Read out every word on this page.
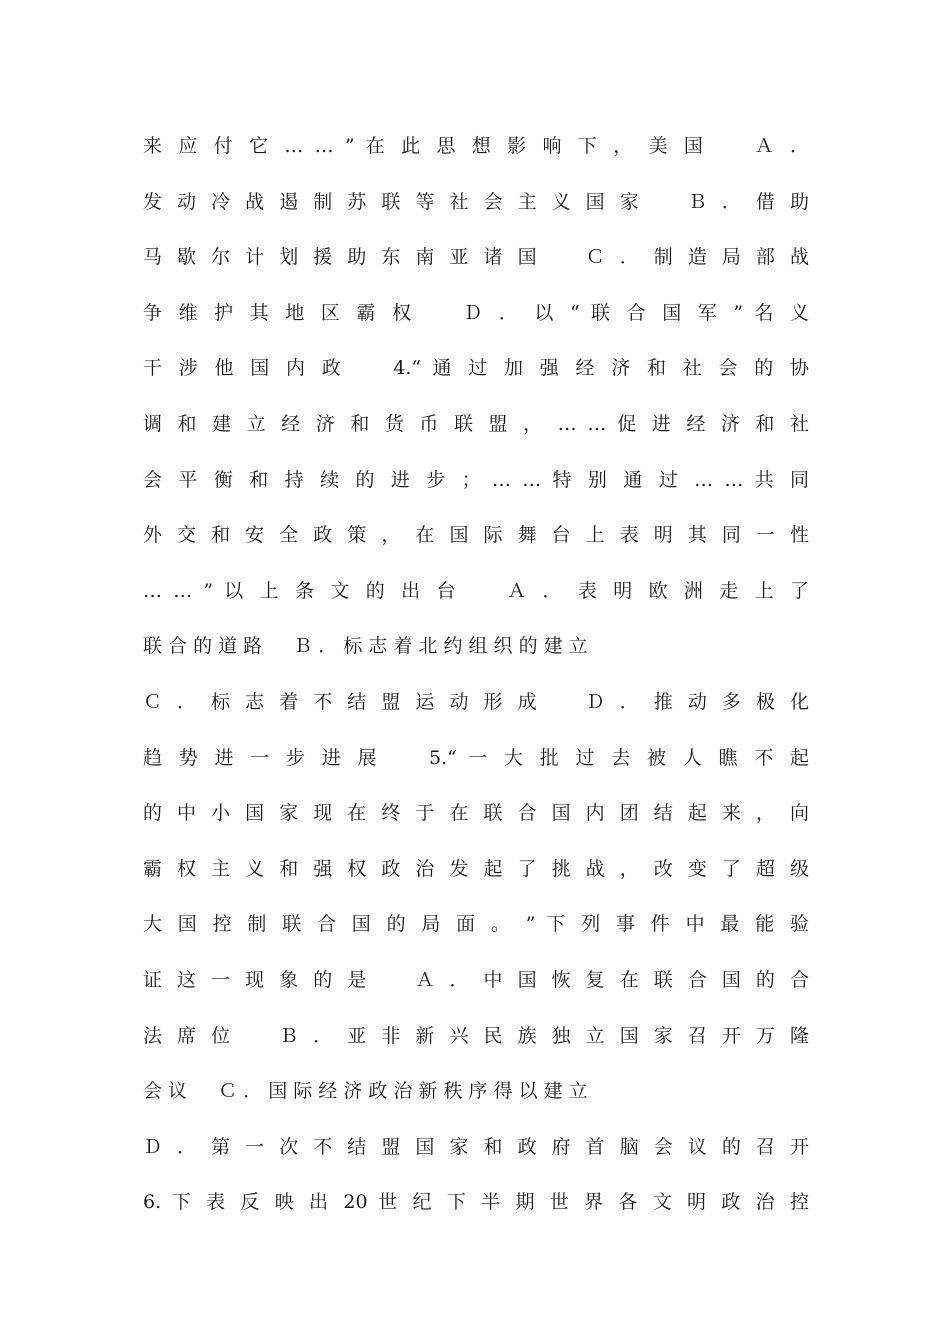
来 应 付 它 … … ” 在 此 思 想 影 响 下 ， 美 国 　 Ａ ．
发 动 冷 战 遏 制 苏 联 等 社 会 主 义 国 家 　 Ｂ ． 借 助
马 歇 尔 计 划 援 助 东 南 亚 诸 国 　 Ｃ ． 制 造 局 部 战
争 维 护 其 地 区 霸 权 　 Ｄ ． 以 “ 联 合 国 军 ” 名 义
干 涉 他 国 内 政 　 4.“ 通 过 加 强 经 济 和 社 会 的 协
调 和 建 立 经 济 和 货 币 联 盟 ， … … 促 进 经 济 和 社
会 平 衡 和 持 续 的 进 步 ； … … 特 别 通 过 … … 共 同
外 交 和 安 全 政 策 ， 在 国 际 舞 台 上 表 明 其 同 一 性
… … ” 以 上 条 文 的 出 台 　 Ａ ． 表 明 欧 洲 走 上 了
联 合 的 道 路 　 Ｂ ． 标 志 着 北 约 组 织 的 建 立
Ｃ ． 标 志 着 不 结 盟 运 动 形 成 　 Ｄ ． 推 动 多 极 化
趋 势 进 一 步 进 展 　 5.“ 一 大 批 过 去 被 人 瞧 不 起
的 中 小 国 家 现 在 终 于 在 联 合 国 内 团 结 起 来 ， 向
霸 权 主 义 和 强 权 政 治 发 起 了 挑 战 ， 改 变 了 超 级
大 国 控 制 联 合 国 的 局 面 。 ” 下 列 事 件 中 最 能 验
证 这 一 现 象 的 是 　 Ａ ． 中 国 恢 复 在 联 合 国 的 合
法 席 位 　 Ｂ ． 亚 非 新 兴 民 族 独 立 国 家 召 开 万 隆
会 议 　 Ｃ ． 国 际 经 济 政 治 新 秩 序 得 以 建 立
Ｄ ． 第 一 次 不 结 盟 国 家 和 政 府 首 脑 会 议 的 召 开
6. 下 表 反 映 出 20 世 纪 下 半 期 世 界 各 文 明 政 治 控
